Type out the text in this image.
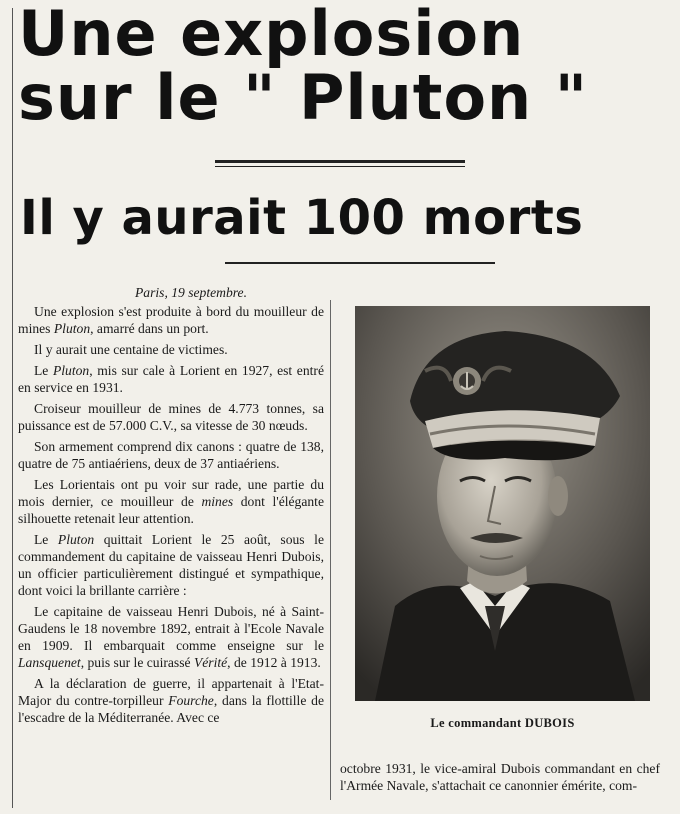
Une explosion
sur le " Pluton "
Il y aurait 100 morts
Paris, 19 septembre.

Une explosion s'est produite à bord du mouilleur de mines Pluton, amarré dans un port.

Il y aurait une centaine de victimes.

Le Pluton, mis sur cale à Lorient en 1927, est entré en service en 1931.

Croiseur mouilleur de mines de 4.773 tonnes, sa puissance est de 57.000 C.V., sa vitesse de 30 nœuds.

Son armement comprend dix canons : quatre de 138, quatre de 75 antiaériens, deux de 37 antiaériens.

Les Lorientais ont pu voir sur rade, une partie du mois dernier, ce mouilleur de mines dont l'élégante silhouette retenait leur attention.

Le Pluton quittait Lorient le 25 août, sous le commandement du capitaine de vaisseau Henri Dubois, un officier particulièrement distingué et sympathique, dont voici la brillante carrière :

Le capitaine de vaisseau Henri Dubois, né à Saint-Gaudens le 18 novembre 1892, entrait à l'Ecole Navale en 1909. Il embarquait comme enseigne sur le Lansquenet, puis sur le cuirassé Vérité, de 1912 à 1913.

A la déclaration de guerre, il appartenait à l'Etat-Major du contre-torpilleur Fourche, dans la flottille de l'escadre de la Méditerranée. Avec ce	Le commandant DUBOIS

octobre 1931, le vice-amiral Dubois commandant en chef l'Armée Navale, s'attachait ce canonnier émérite, com-
